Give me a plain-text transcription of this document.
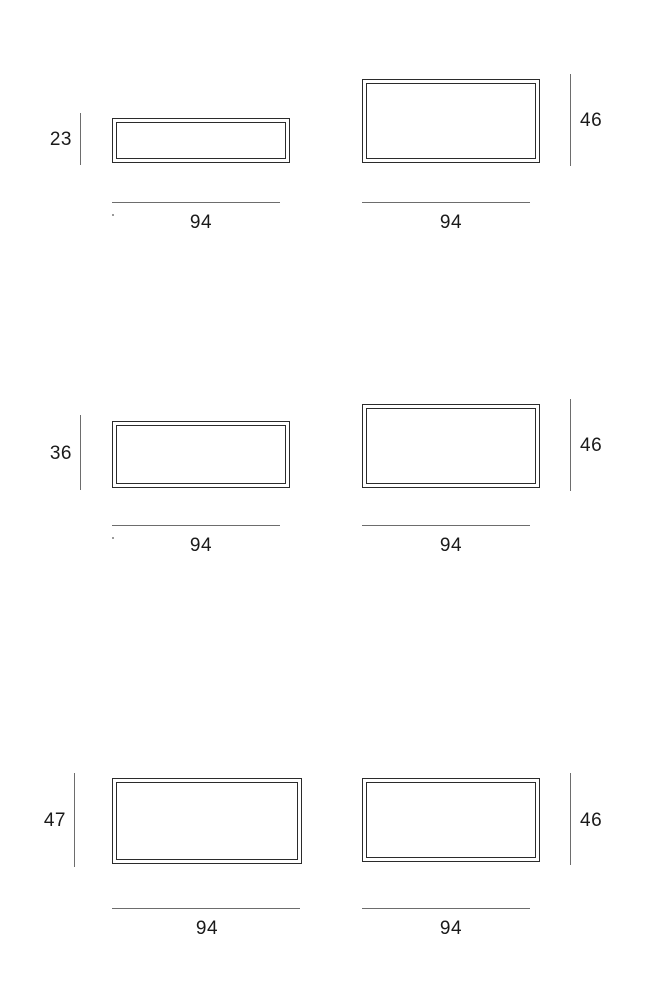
23
94
46
94
36
94
46
94
47
94
46
94
